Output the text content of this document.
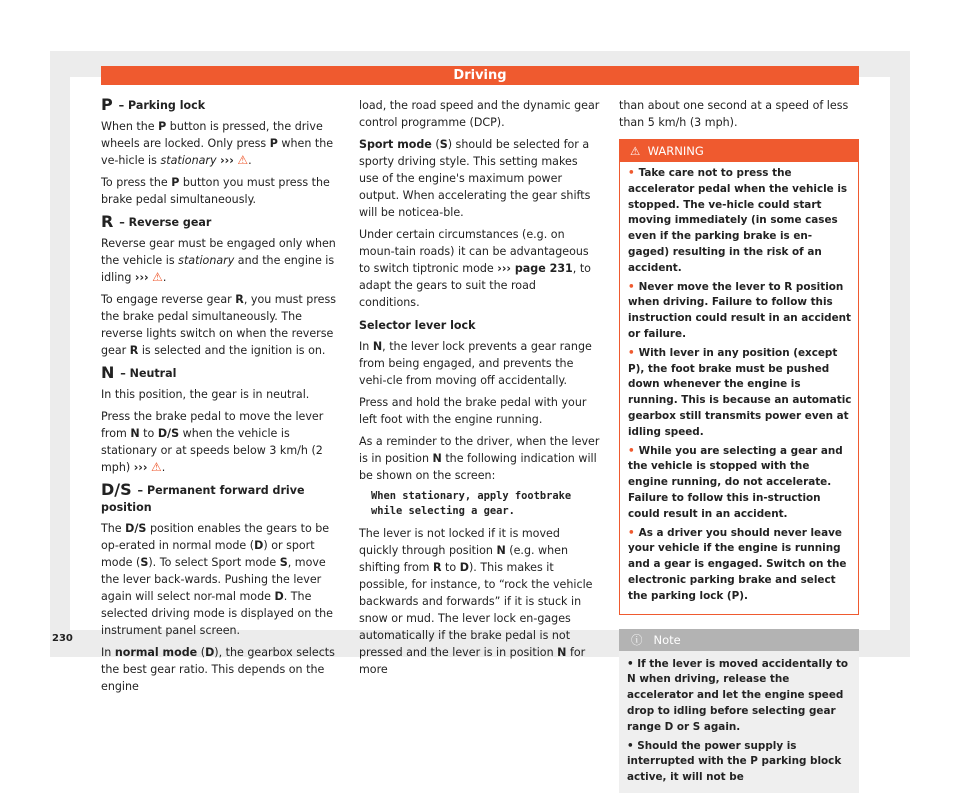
Driving
P – Parking lock

When the P button is pressed, the drive wheels are locked. Only press P when the ve-hicle is stationary ››› ⚠.

To press the P button you must press the brake pedal simultaneously.

R – Reverse gear

Reverse gear must be engaged only when the vehicle is stationary and the engine is idling ››› ⚠.

To engage reverse gear R, you must press the brake pedal simultaneously. The reverse lights switch on when the reverse gear R is selected and the ignition is on.

N – Neutral

In this position, the gear is in neutral.

Press the brake pedal to move the lever from N to D/S when the vehicle is stationary or at speeds below 3 km/h (2 mph) ››› ⚠.

D/S – Permanent forward drive position

The D/S position enables the gears to be op-erated in normal mode (D) or sport mode (S). To select Sport mode S, move the lever back-wards. Pushing the lever again will select nor-mal mode D. The selected driving mode is displayed on the instrument panel screen.

In normal mode (D), the gearbox selects the best gear ratio. This depends on the engine

load, the road speed and the dynamic gear control programme (DCP).

Sport mode (S) should be selected for a sporty driving style. This setting makes use of the engine's maximum power output. When accelerating the gear shifts will be noticea-ble.

Under certain circumstances (e.g. on moun-tain roads) it can be advantageous to switch tiptronic mode ››› page 231, to adapt the gears to suit the road conditions.

Selector lever lock

In N, the lever lock prevents a gear range from being engaged, and prevents the vehi-cle from moving off accidentally.

Press and hold the brake pedal with your left foot with the engine running.

As a reminder to the driver, when the lever is in position N the following indication will be shown on the screen:

When stationary, apply footbrake
while selecting a gear.

The lever is not locked if it is moved quickly through position N (e.g. when shifting from R to D). This makes it possible, for instance, to “rock the vehicle backwards and forwards” if it is stuck in snow or mud. The lever lock en-gages automatically if the brake pedal is not pressed and the lever is in position N for more

than about one second at a speed of less than 5 km/h (3 mph).

⚠ WARNING
• Take care not to press the accelerator pedal when the vehicle is stopped. The ve-hicle could start moving immediately (in some cases even if the parking brake is en-gaged) resulting in the risk of an accident.
• Never move the lever to R position when driving. Failure to follow this instruction could result in an accident or failure.
• With lever in any position (except P), the foot brake must be pushed down whenever the engine is running. This is because an automatic gearbox still transmits power even at idling speed.
• While you are selecting a gear and the vehicle is stopped with the engine running, do not accelerate. Failure to follow this in-struction could result in an accident.
• As a driver you should never leave your vehicle if the engine is running and a gear is engaged. Switch on the electronic parking brake and select the parking lock (P).
ⓘ Note
• If the lever is moved accidentally to N when driving, release the accelerator and let the engine speed drop to idling before selecting gear range D or S again.
• Should the power supply is interrupted with the P parking block active, it will not be
230
